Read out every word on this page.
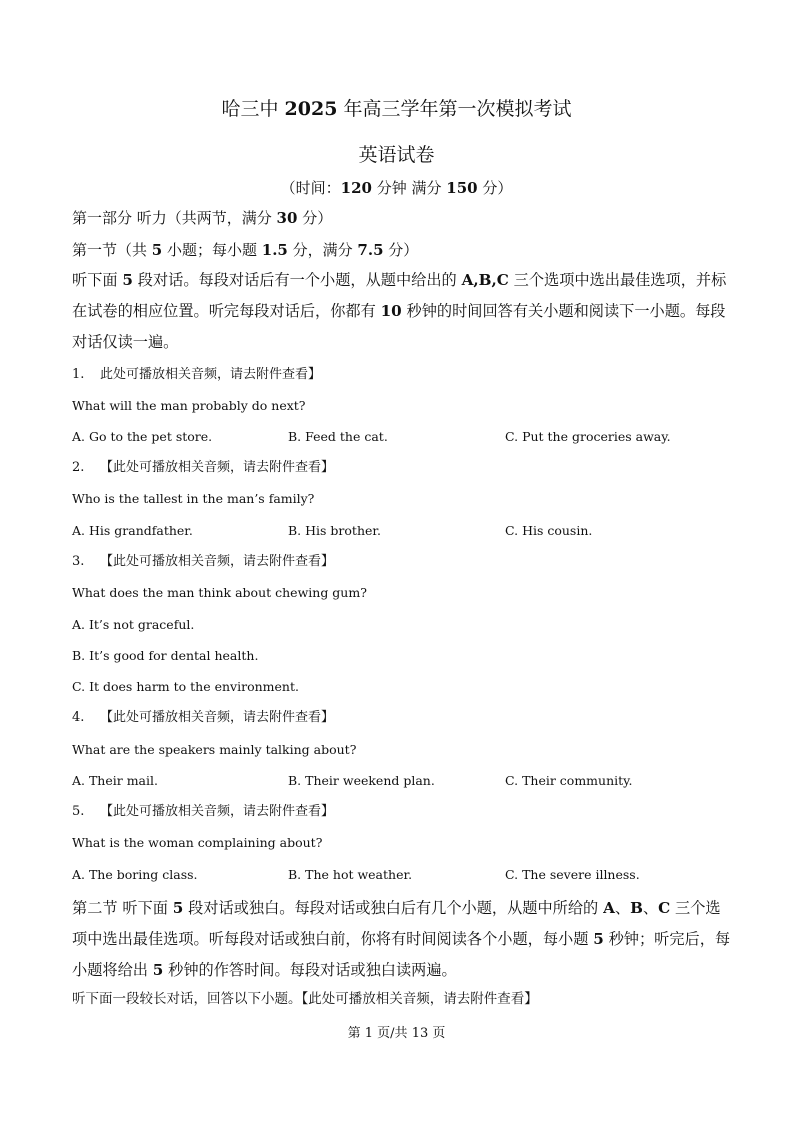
哈三中 2025 年高三学年第一次模拟考试
英语试卷
（时间：120 分钟 满分 150 分）
第一部分 听力（共两节，满分 30 分）
第一节（共 5 小题；每小题 1.5 分，满分 7.5 分）
听下面 5 段对话。每段对话后有一个小题，从题中给出的 A,B,C 三个选项中选出最佳选项，并标在试卷的相应位置。听完每段对话后，你都有 10 秒钟的时间回答有关小题和阅读下一小题。每段对话仅读一遍。
1. 此处可播放相关音频，请去附件查看】
What will the man probably do next?
A. Go to the pet store.	B. Feed the cat.	C. Put the groceries away.
2. 【此处可播放相关音频，请去附件查看】
Who is the tallest in the man’s family?
A. His grandfather.	B. His brother.	C. His cousin.
3. 【此处可播放相关音频，请去附件查看】
What does the man think about chewing gum?
A. It’s not graceful.
B. It’s good for dental health.
C. It does harm to the environment.
4. 【此处可播放相关音频，请去附件查看】
What are the speakers mainly talking about?
A. Their mail.	B. Their weekend plan.	C. Their community.
5. 【此处可播放相关音频，请去附件查看】
What is the woman complaining about?
A. The boring class.	B. The hot weather.	C. The severe illness.
第二节 听下面 5 段对话或独白。每段对话或独白后有几个小题，从题中所给的 A、B、C 三个选项中选出最佳选项。听每段对话或独白前，你将有时间阅读各个小题，每小题 5 秒钟；听完后，每小题将给出 5 秒钟的作答时间。每段对话或独白读两遍。
听下面一段较长对话，回答以下小题。【此处可播放相关音频，请去附件查看】
第 1 页/共 13 页
